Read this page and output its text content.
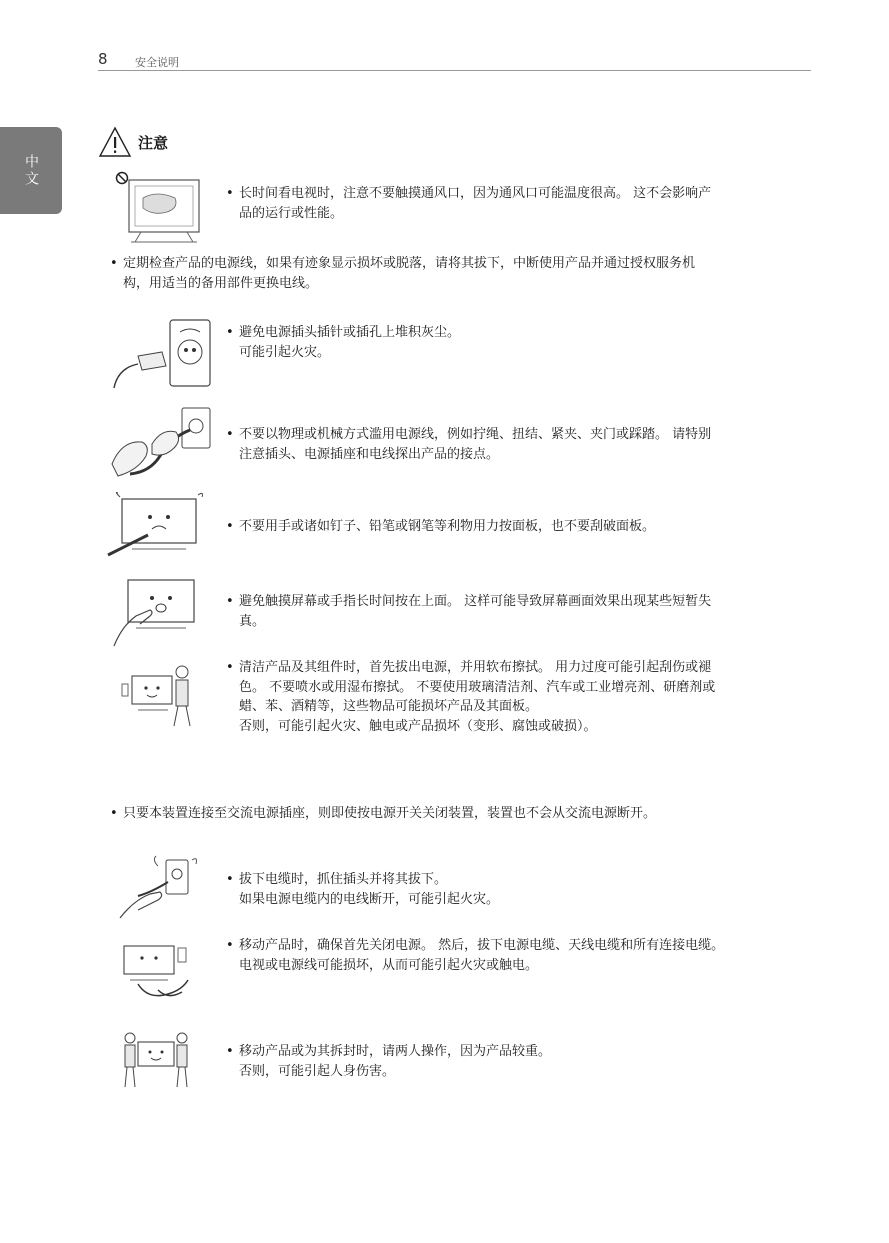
8 安全说明
中文
注意
• 长时间看电视时，注意不要触摸通风口，因为通风口可能温度很高。 这不会影响产
品的运行或性能。
• 定期检查产品的电源线，如果有迹象显示损坏或脱落，请将其拔下，中断使用产品并通过授权服务机
构，用适当的备用部件更换电线。
• 避免电源插头插针或插孔上堆积灰尘。
可能引起火灾。
• 不要以物理或机械方式滥用电源线，例如拧绳、扭结、紧夹、夹门或踩踏。 请特别
注意插头、电源插座和电线探出产品的接点。
• 不要用手或诸如钉子、铅笔或钢笔等利物用力按面板，也不要刮破面板。
• 避免触摸屏幕或手指长时间按在上面。 这样可能导致屏幕画面效果出现某些短暂失
真。
• 清洁产品及其组件时，首先拔出电源，并用软布擦拭。 用力过度可能引起刮伤或褪
色。 不要喷水或用湿布擦拭。 不要使用玻璃清洁剂、汽车或工业增亮剂、研磨剂或
蜡、苯、酒精等，这些物品可能损坏产品及其面板。
否则，可能引起火灾、触电或产品损坏（变形、腐蚀或破损）。
• 只要本装置连接至交流电源插座，则即使按电源开关关闭装置，装置也不会从交流电源断开。
• 拔下电缆时，抓住插头并将其拔下。
如果电源电缆内的电线断开，可能引起火灾。
• 移动产品时，确保首先关闭电源。 然后，拔下电源电缆、天线电缆和所有连接电缆。
电视或电源线可能损坏，从而可能引起火灾或触电。
• 移动产品或为其拆封时，请两人操作，因为产品较重。
否则，可能引起人身伤害。
